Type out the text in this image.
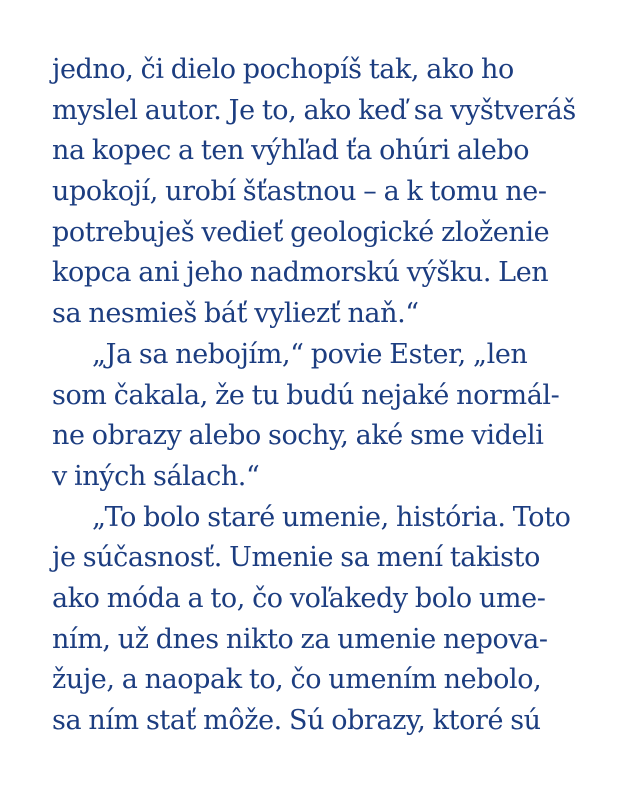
jedno, či dielo pochopíš tak, ako ho
myslel autor. Je to, ako keď sa vyštveráš
na kopec a ten výhľad ťa ohúri alebo
upokojí, urobí šťastnou – a k tomu ne-
potrebuješ vedieť geologické zloženie
kopca ani jeho nadmorskú výšku. Len
sa nesmieš báť vyliezť naň.“
„Ja sa nebojím,“ povie Ester, „len
som čakala, že tu budú nejaké normál-
ne obrazy alebo sochy, aké sme videli
v iných sálach.“
„To bolo staré umenie, história. Toto
je súčasnosť. Umenie sa mení takisto
ako móda a to, čo voľakedy bolo ume-
ním, už dnes nikto za umenie nepova-
žuje, a naopak to, čo umením nebolo,
sa ním stať môže. Sú obrazy, ktoré sú
